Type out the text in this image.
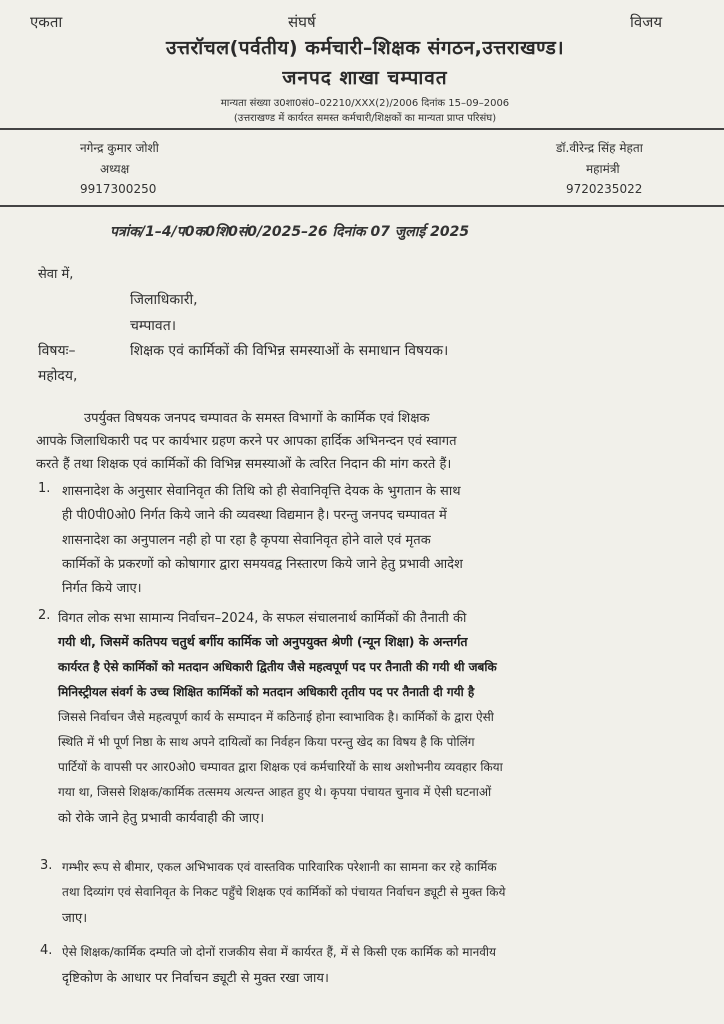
एकता	संघर्ष	विजय
उत्तरॉचल(पर्वतीय) कर्मचारी–शिक्षक संगठन,उत्तराखण्ड।
जनपद शाखा चम्पावत
मान्यता संख्या उ0शा0सं0–02210/XXX(2)/2006 दिनांक 15–09–2006
(उत्तराखण्ड में कार्यरत समस्त कर्मचारी/शिक्षकों का मान्यता प्राप्त परिसंघ)
नगेन्द्र कुमार जोशी
अध्यक्ष
9917300250
डॉ.वीरेन्द्र सिंह मेहता
महामंत्री
9720235022
पत्रांक/1–4/प0क0शि0सं0/2025–26 दिनांक 07 जुलाई 2025
सेवा में,
जिलाधिकारी,
चम्पावत।
विषयः–	शिक्षक एवं कार्मिकों की विभिन्न समस्याओं के समाधान विषयक।
महोदय,
उपर्युक्त विषयक जनपद चम्पावत के समस्त विभागों के कार्मिक एवं शिक्षक
आपके जिलाधिकारी पद पर कार्यभार ग्रहण करने पर आपका हार्दिक अभिनन्दन एवं स्वागत
करते हैं तथा शिक्षक एवं कार्मिकों की विभिन्न समस्याओं के त्वरित निदान की मांग करते हैं।
1. शासनादेश के अनुसार सेवानिवृत की तिथि को ही सेवानिवृत्ति देयक के भुगतान के साथ
ही पी0पी0ओ0 निर्गत किये जाने की व्यवस्था विद्यमान है। परन्तु जनपद चम्पावत में
शासनादेश का अनुपालन नही हो पा रहा है कृपया सेवानिवृत होने वाले एवं मृतक
कार्मिकों के प्रकरणों को कोषागार द्वारा समयवद्व निस्तारण किये जाने हेतु प्रभावी आदेश
निर्गत किये जाए।
2. विगत लोक सभा सामान्य निर्वाचन–2024, के सफल संचालनार्थ कार्मिकों की तैनाती की
गयी थी, जिसमें कतिपय चतुर्थ बर्गीय कार्मिक जो अनुपयुक्त श्रेणी (न्यून शिक्षा) के अन्तर्गत
कार्यरत है ऐसे कार्मिकों को मतदान अधिकारी द्वितीय जैसे महत्वपूर्ण पद पर तैनाती की गयी थी जबकि
मिनिस्ट्रीयल संवर्ग के उच्च शिक्षित कार्मिकों को मतदान अधिकारी तृतीय पद पर तैनाती दी गयी है
जिससे निर्वाचन जैसे महत्वपूर्ण कार्य के सम्पादन में कठिनाई होना स्वाभाविक है। कार्मिकों के द्वारा ऐसी
स्थिति में भी पूर्ण निष्ठा के साथ अपने दायित्वों का निर्वहन किया परन्तु खेद का विषय है कि पोलिंग
पार्टियों के वापसी पर आर0ओ0 चम्पावत द्वारा शिक्षक एवं कर्मचारियों के साथ अशोभनीय व्यवहार किया
गया था, जिससे शिक्षक/कार्मिक तत्समय अत्यन्त आहत हुए थे। कृपया पंचायत चुनाव में ऐसी घटनाओं
को रोके जाने हेतु प्रभावी कार्यवाही की जाए।
3. गम्भीर रूप से बीमार, एकल अभिभावक एवं वास्तविक पारिवारिक परेशानी का सामना कर रहे कार्मिक
तथा दिव्यांग एवं सेवानिवृत के निकट पहुँचे शिक्षक एवं कार्मिकों को पंचायत निर्वाचन ड्यूटी से मुक्त किये
जाए।
4. ऐसे शिक्षक/कार्मिक दम्पति जो दोनों राजकीय सेवा में कार्यरत हैं, में से किसी एक कार्मिक को मानवीय
दृष्टिकोण के आधार पर निर्वाचन ड्यूटी से मुक्त रखा जाय।
